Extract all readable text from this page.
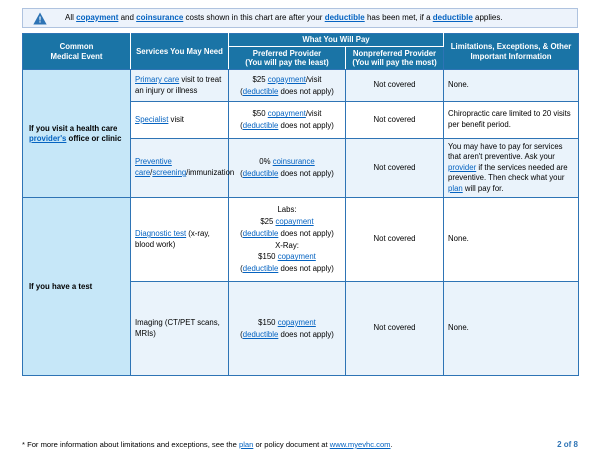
!	All copayment and coinsurance costs shown in this chart are after your deductible has been met, if a deductible applies.
Common
Medical Event	Services You May Need	What You Will Pay		Limitations, Exceptions, & Other
Important Information
		Preferred Provider
(You will pay the least)	Nonpreferred Provider
(You will pay the most)	
If you visit a health care provider's office or clinic	Primary care visit to treat an injury or illness	$25 copayment/visit
(deductible does not apply)	Not covered	None.
	Specialist visit	$50 copayment/visit
(deductible does not apply)	Not covered	Chiropractic care limited to 20 visits per benefit period.
	Preventive care/screening/immunization	0% coinsurance
(deductible does not apply)	Not covered	You may have to pay for services that aren't preventive. Ask your provider if the services needed are preventive. Then check what your plan will pay for.
If you have a test	Diagnostic test (x-ray, blood work)	Labs:
$25 copayment
(deductible does not apply)
X-Ray:
$150 copayment
(deductible does not apply)	Not covered	None.
	Imaging (CT/PET scans, MRIs)	$150 copayment
(deductible does not apply)	Not covered	None.
* For more information about limitations and exceptions, see the plan or policy document at www.myevhc.com.	2 of 8
